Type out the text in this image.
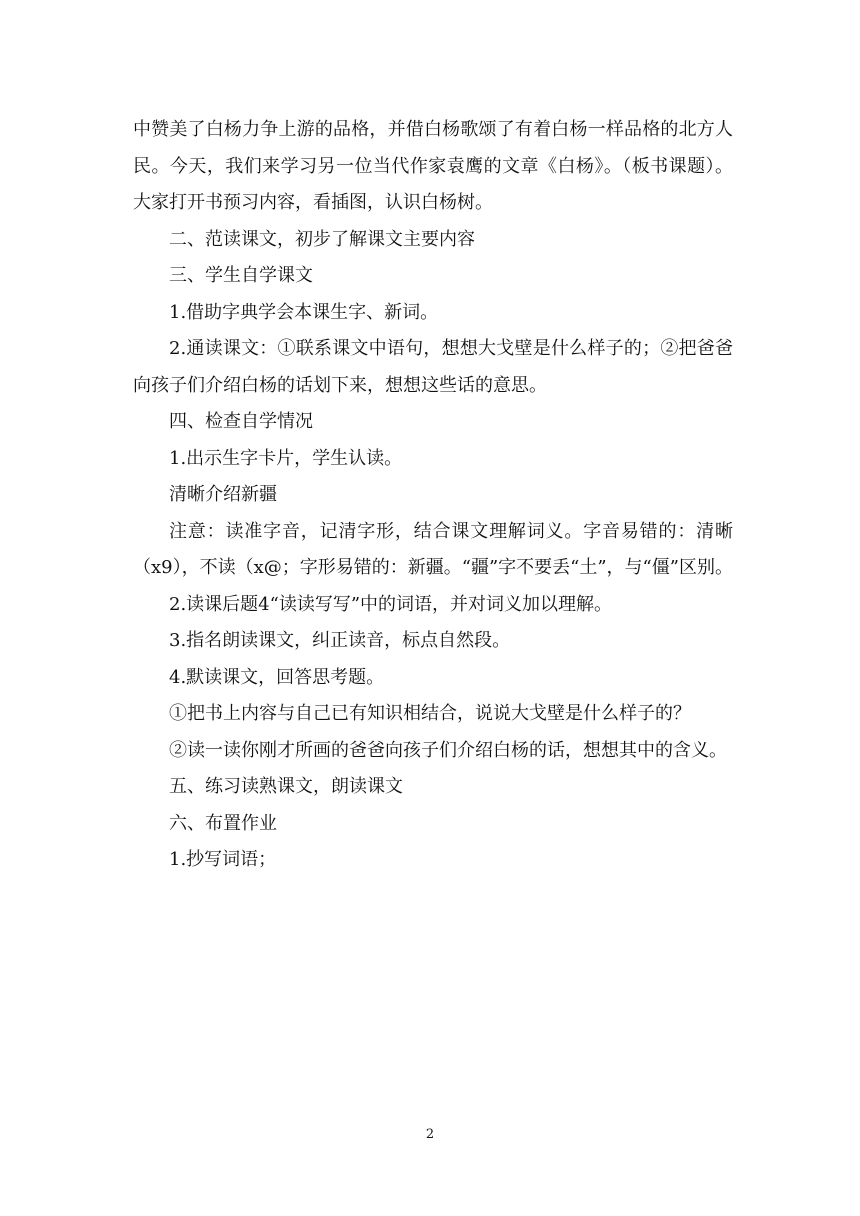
中赞美了白杨力争上游的品格，并借白杨歌颂了有着白杨一样品格的北方人民。今天，我们来学习另一位当代作家袁鹰的文章《白杨》。（板书课题）。大家打开书预习内容，看插图，认识白杨树。

二、范读课文，初步了解课文主要内容

三、学生自学课文

1.借助字典学会本课生字、新词。

2.通读课文：①联系课文中语句，想想大戈壁是什么样子的；②把爸爸向孩子们介绍白杨的话划下来，想想这些话的意思。

四、检查自学情况

1.出示生字卡片，学生认读。

清晰介绍新疆

注意：读准字音，记清字形，结合课文理解词义。字音易错的：清晰（x9），不读（x@；字形易错的：新疆。“疆”字不要丢“土”，与“僵”区别。

2.读课后题4“读读写写”中的词语，并对词义加以理解。

3.指名朗读课文，纠正读音，标点自然段。

4.默读课文，回答思考题。

①把书上内容与自己已有知识相结合，说说大戈壁是什么样子的？

②读一读你刚才所画的爸爸向孩子们介绍白杨的话，想想其中的含义。

五、练习读熟课文，朗读课文

六、布置作业

1.抄写词语；

2
